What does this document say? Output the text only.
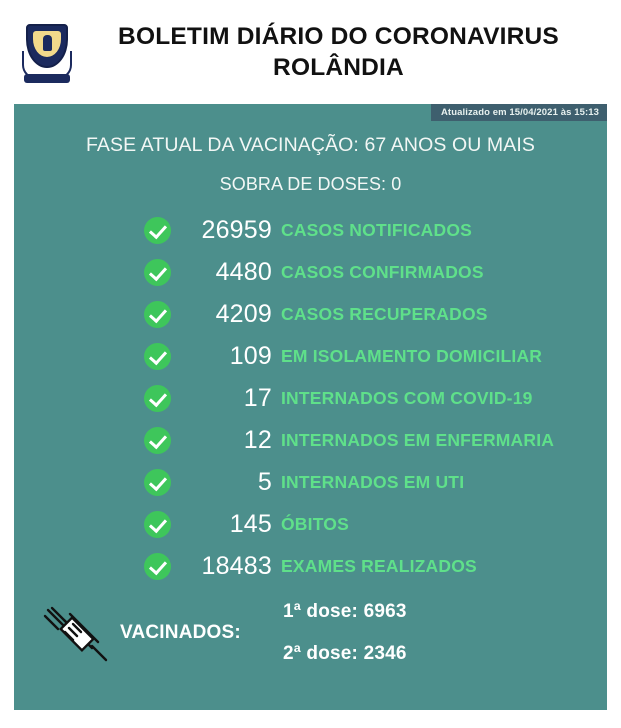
BOLETIM DIÁRIO DO CORONAVIRUS ROLÂNDIA
Atualizado em 15/04/2021 às 15:13
FASE ATUAL DA VACINAÇÃO: 67 ANOS OU MAIS
SOBRA DE DOSES: 0
26959 CASOS NOTIFICADOS
4480 CASOS CONFIRMADOS
4209 CASOS RECUPERADOS
109 EM ISOLAMENTO DOMICILIAR
17 INTERNADOS COM COVID-19
12 INTERNADOS EM ENFERMARIA
5 INTERNADOS EM UTI
145 ÓBITOS
18483 EXAMES REALIZADOS
VACINADOS:
1ª dose: 6963
2ª dose: 2346
